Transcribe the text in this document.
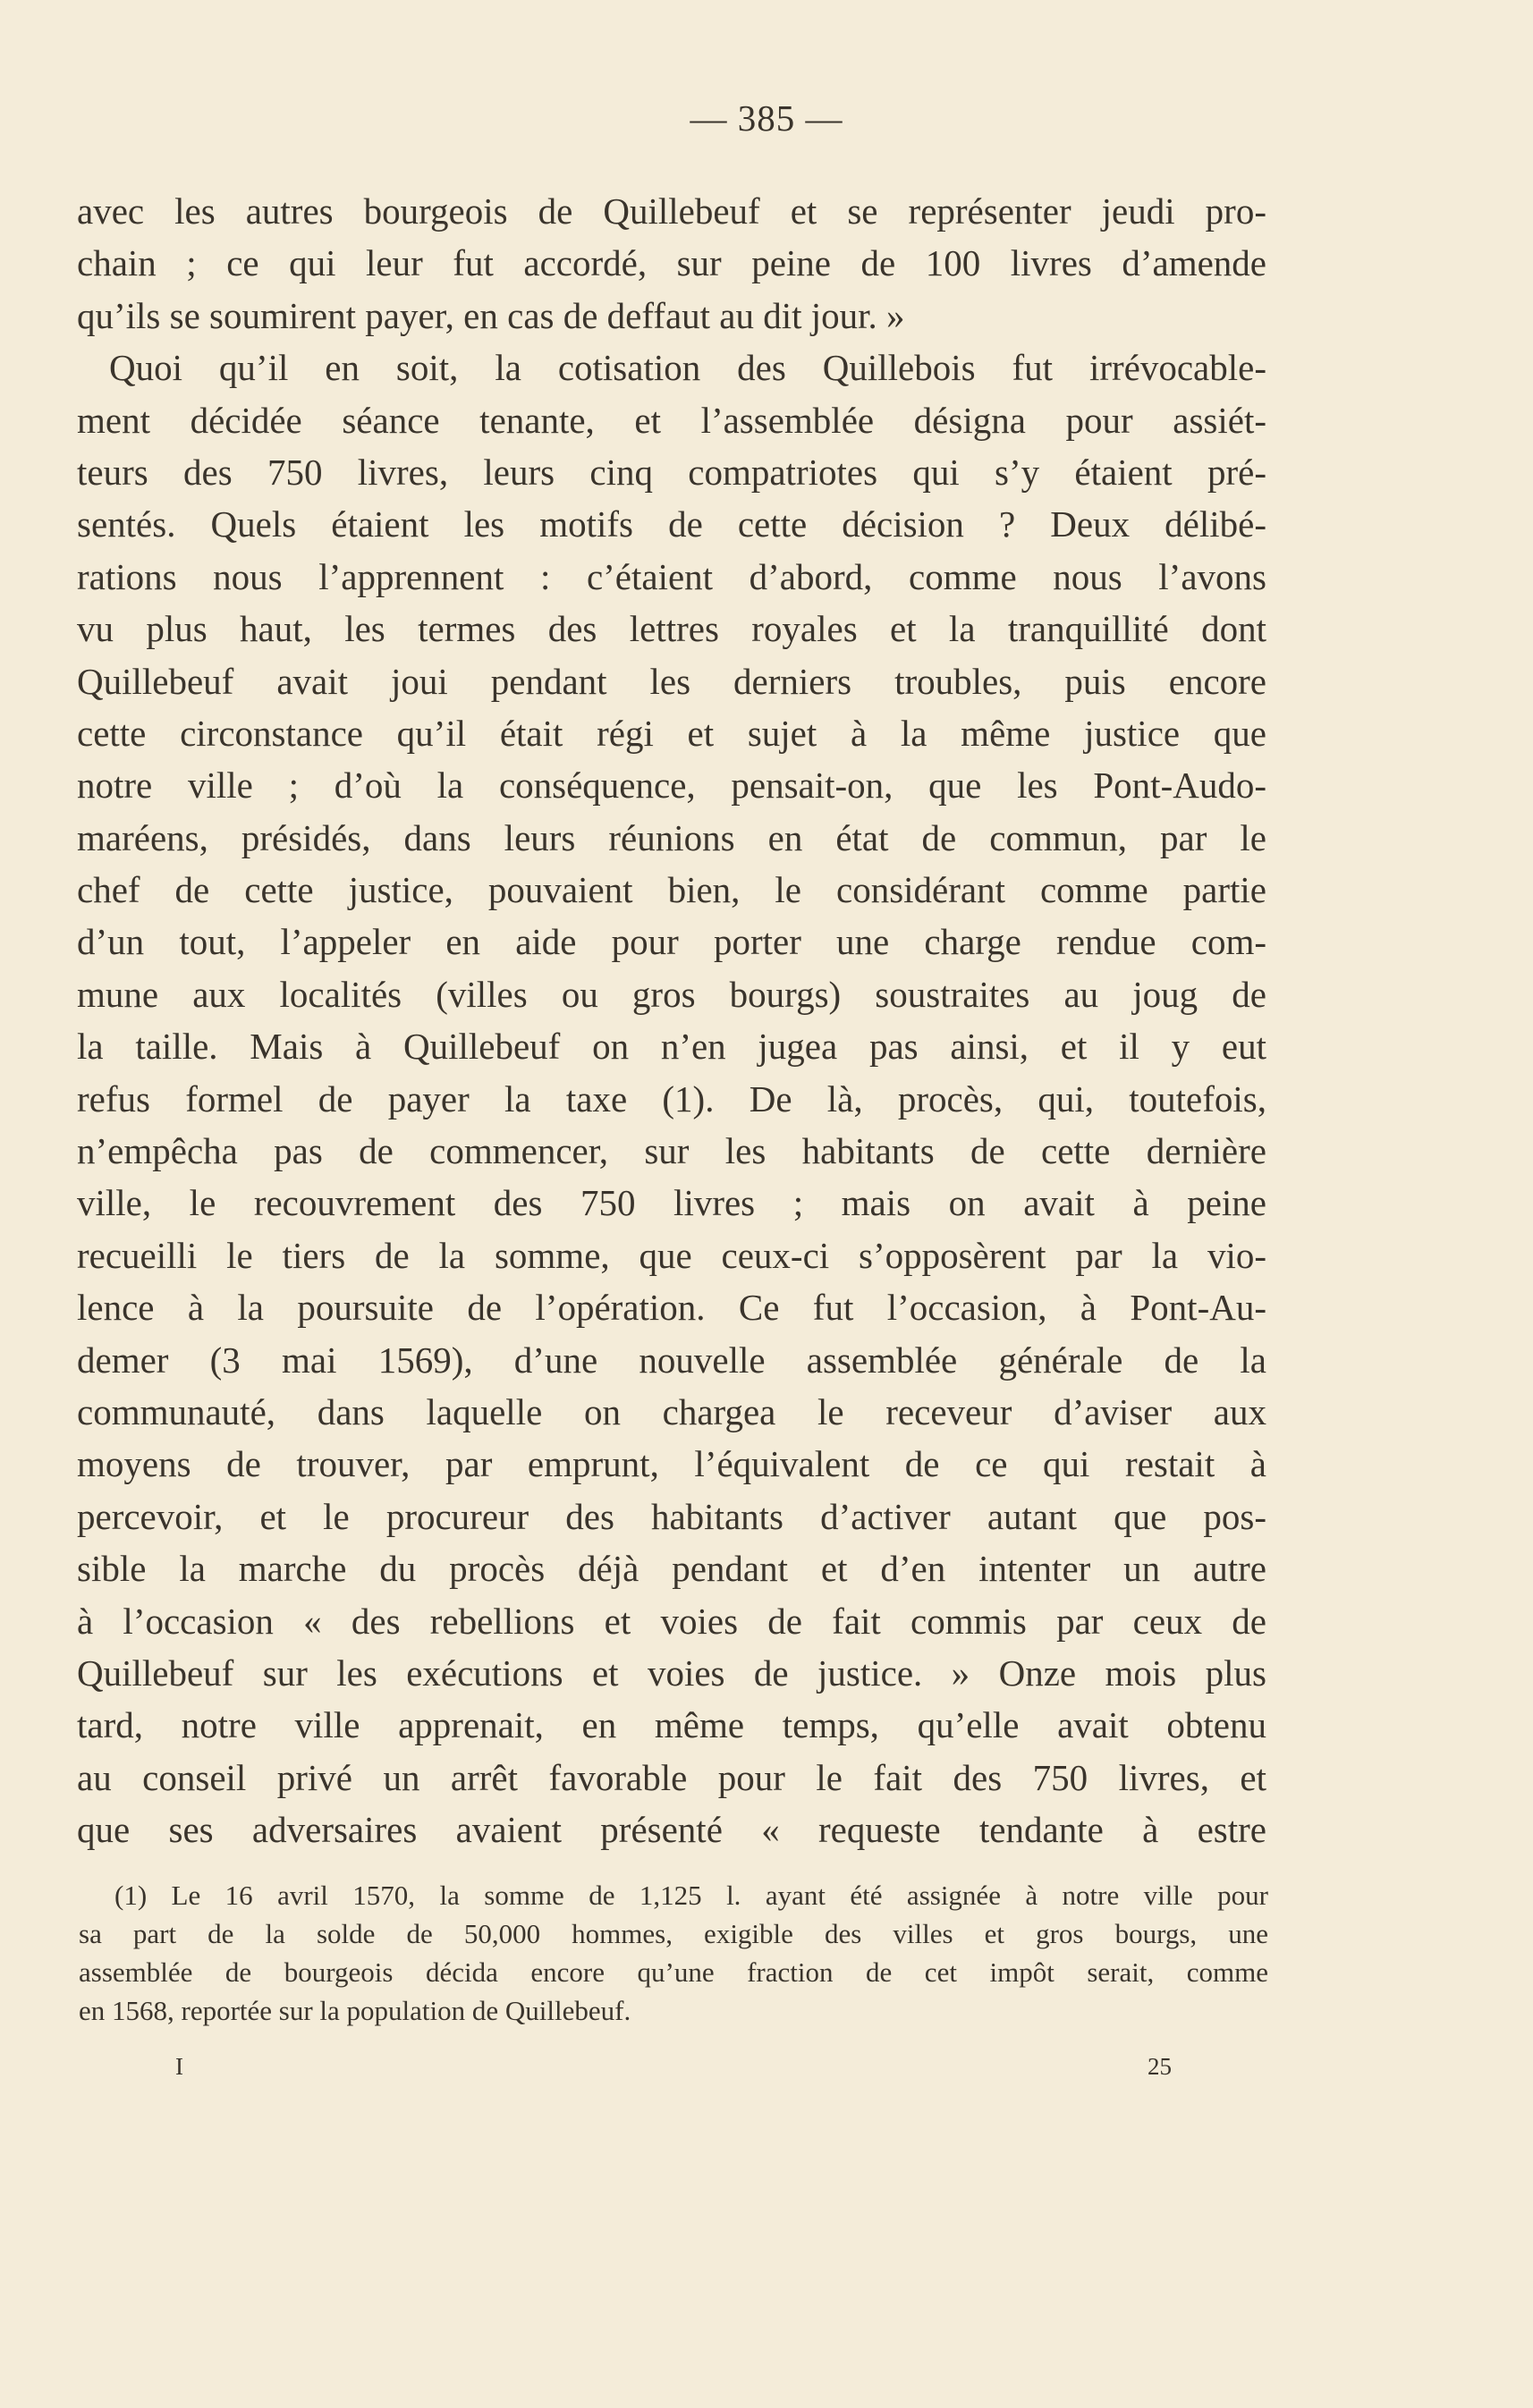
— 385 —
avec les autres bourgeois de Quillebeuf et se représenter jeudi pro-
chain ; ce qui leur fut accordé, sur peine de 100 livres d’amende
qu’ils se soumirent payer, en cas de deffaut au dit jour. »
Quoi qu’il en soit, la cotisation des Quillebois fut irrévocable-
ment décidée séance tenante, et l’assemblée désigna pour assiét-
teurs des 750 livres, leurs cinq compatriotes qui s’y étaient pré-
sentés. Quels étaient les motifs de cette décision ? Deux délibé-
rations nous l’apprennent : c’étaient d’abord, comme nous l’avons
vu plus haut, les termes des lettres royales et la tranquillité dont
Quillebeuf avait joui pendant les derniers troubles, puis encore
cette circonstance qu’il était régi et sujet à la même justice que
notre ville ; d’où la conséquence, pensait-on, que les Pont-Audo-
maréens, présidés, dans leurs réunions en état de commun, par le
chef de cette justice, pouvaient bien, le considérant comme partie
d’un tout, l’appeler en aide pour porter une charge rendue com-
mune aux localités (villes ou gros bourgs) soustraites au joug de
la taille. Mais à Quillebeuf on n’en jugea pas ainsi, et il y eut
refus formel de payer la taxe (1). De là, procès, qui, toutefois,
n’empêcha pas de commencer, sur les habitants de cette dernière
ville, le recouvrement des 750 livres ; mais on avait à peine
recueilli le tiers de la somme, que ceux-ci s’opposèrent par la vio-
lence à la poursuite de l’opération. Ce fut l’occasion, à Pont-Au-
demer (3 mai 1569), d’une nouvelle assemblée générale de la
communauté, dans laquelle on chargea le receveur d’aviser aux
moyens de trouver, par emprunt, l’équivalent de ce qui restait à
percevoir, et le procureur des habitants d’activer autant que pos-
sible la marche du procès déjà pendant et d’en intenter un autre
à l’occasion « des rebellions et voies de fait commis par ceux de
Quillebeuf sur les exécutions et voies de justice. » Onze mois plus
tard, notre ville apprenait, en même temps, qu’elle avait obtenu
au conseil privé un arrêt favorable pour le fait des 750 livres, et
que ses adversaires avaient présenté « requeste tendante à estre
(1) Le 16 avril 1570, la somme de 1,125 l. ayant été assignée à notre ville pour
sa part de la solde de 50,000 hommes, exigible des villes et gros bourgs, une
assemblée de bourgeois décida encore qu’une fraction de cet impôt serait, comme
en 1568, reportée sur la population de Quillebeuf.
I	25
